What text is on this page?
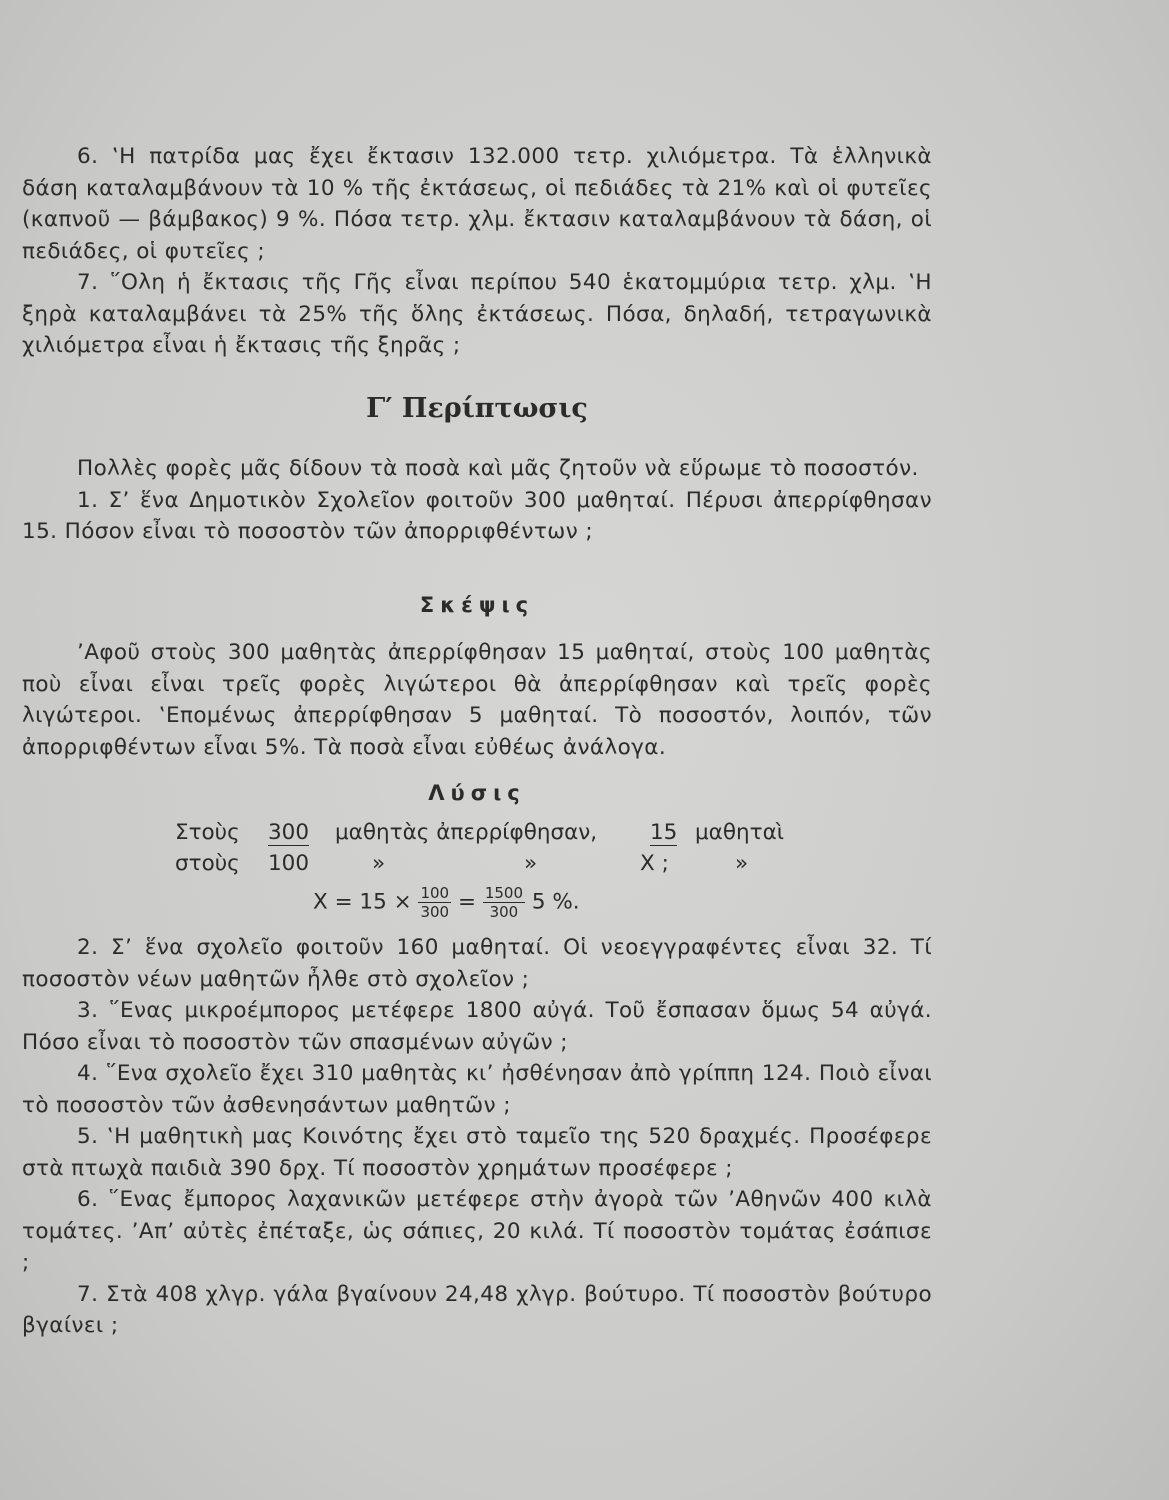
6. ‛Η πατρίδα μας ἔχει ἔκτασιν 132.000 τετρ. χιλιόμετρα. Τὰ ἑλληνικὰ δάση καταλαμβάνουν τὰ 10 % τῆς ἐκτάσεως, οἱ πεδιάδες τὰ 21% καὶ οἱ φυτεῖες (καπνοῦ — βάμβακος) 9 %. Πόσα τετρ. χλμ. ἔκτασιν καταλαμβάνουν τὰ δάση, οἱ πεδιάδες, οἱ φυτεῖες ;

7. ῞Ολη ἡ ἔκτασις τῆς Γῆς εἶναι περίπου 540 ἑκατομμύρια τετρ. χλμ. ‛Η ξηρὰ καταλαμβάνει τὰ 25% τῆς ὅλης ἐκτάσεως. Πόσα, δηλαδή, τετραγωνικὰ χιλιόμετρα εἶναι ἡ ἔκτασις τῆς ξηρᾶς ;

Γ′ Περίπτωσις

Πολλὲς φορὲς μᾶς δίδουν τὰ ποσὰ καὶ μᾶς ζητοῦν νὰ εὕρωμε τὸ ποσοστόν.

1. Σ’ ἕνα Δημοτικὸν Σχολεῖον φοιτοῦν 300 μαθηταί. Πέρυσι ἀπερρίφθησαν 15. Πόσον εἶναι τὸ ποσοστὸν τῶν ἀπορριφθέντων ;

Σκέψις

’Αφοῦ στοὺς 300 μαθητὰς ἀπερρίφθησαν 15 μαθηταί, στοὺς 100 μαθητὰς ποὺ εἶναι εἶναι τρεῖς φορὲς λιγώτεροι θὰ ἀπερρίφθησαν καὶ τρεῖς φορὲς λιγώτεροι. ‛Επομένως ἀπερρίφθησαν 5 μαθηταί. Τὸ ποσοστόν, λοιπόν, τῶν ἀπορριφθέντων εἶναι 5%. Τὰ ποσὰ εἶναι εὐθέως ἀνάλογα.

Λύσις

Στοὺς 300 μαθητὰς ἀπερρίφθησαν, 15 μαθηταὶ
στοὺς 100	»	»	Χ ;	»
$X = 15 \times \frac{100}{300} = \frac{1500}{300} 5$ %.

2. Σ’ ἕνα σχολεῖο φοιτοῦν 160 μαθηταί. Οἱ νεοεγγραφέντες εἶναι 32. Τί ποσοστὸν νέων μαθητῶν ἦλθε στὸ σχολεῖον ;

3. ῞Ενας μικροέμπορος μετέφερε 1800 αὐγά. Τοῦ ἔσπασαν ὅμως 54 αὐγά. Πόσο εἶναι τὸ ποσοστὸν τῶν σπασμένων αὐγῶν ;

4. ῞Ενα σχολεῖο ἔχει 310 μαθητὰς κι’ ἠσθένησαν ἀπὸ γρίππη 124. Ποιὸ εἶναι τὸ ποσοστὸν τῶν ἀσθενησάντων μαθητῶν ;

5. ‛Η μαθητικὴ μας Κοινότης ἔχει στὸ ταμεῖο της 520 δραχμές. Προσέφερε στὰ πτωχὰ παιδιὰ 390 δρχ. Τί ποσοστὸν χρημάτων προσέφερε ;

6. ῞Ενας ἔμπορος λαχανικῶν μετέφερε στὴν ἀγορὰ τῶν ’Αθηνῶν 400 κιλὰ τομάτες. ’Απ’ αὐτὲς ἐπέταξε, ὡς σάπιες, 20 κιλά. Τί ποσοστὸν τομάτας ἐσάπισε ;

7. Στὰ 408 χλγρ. γάλα βγαίνουν 24,48 χλγρ. βούτυρο. Τί ποσοστὸν βούτυρο βγαίνει ;
